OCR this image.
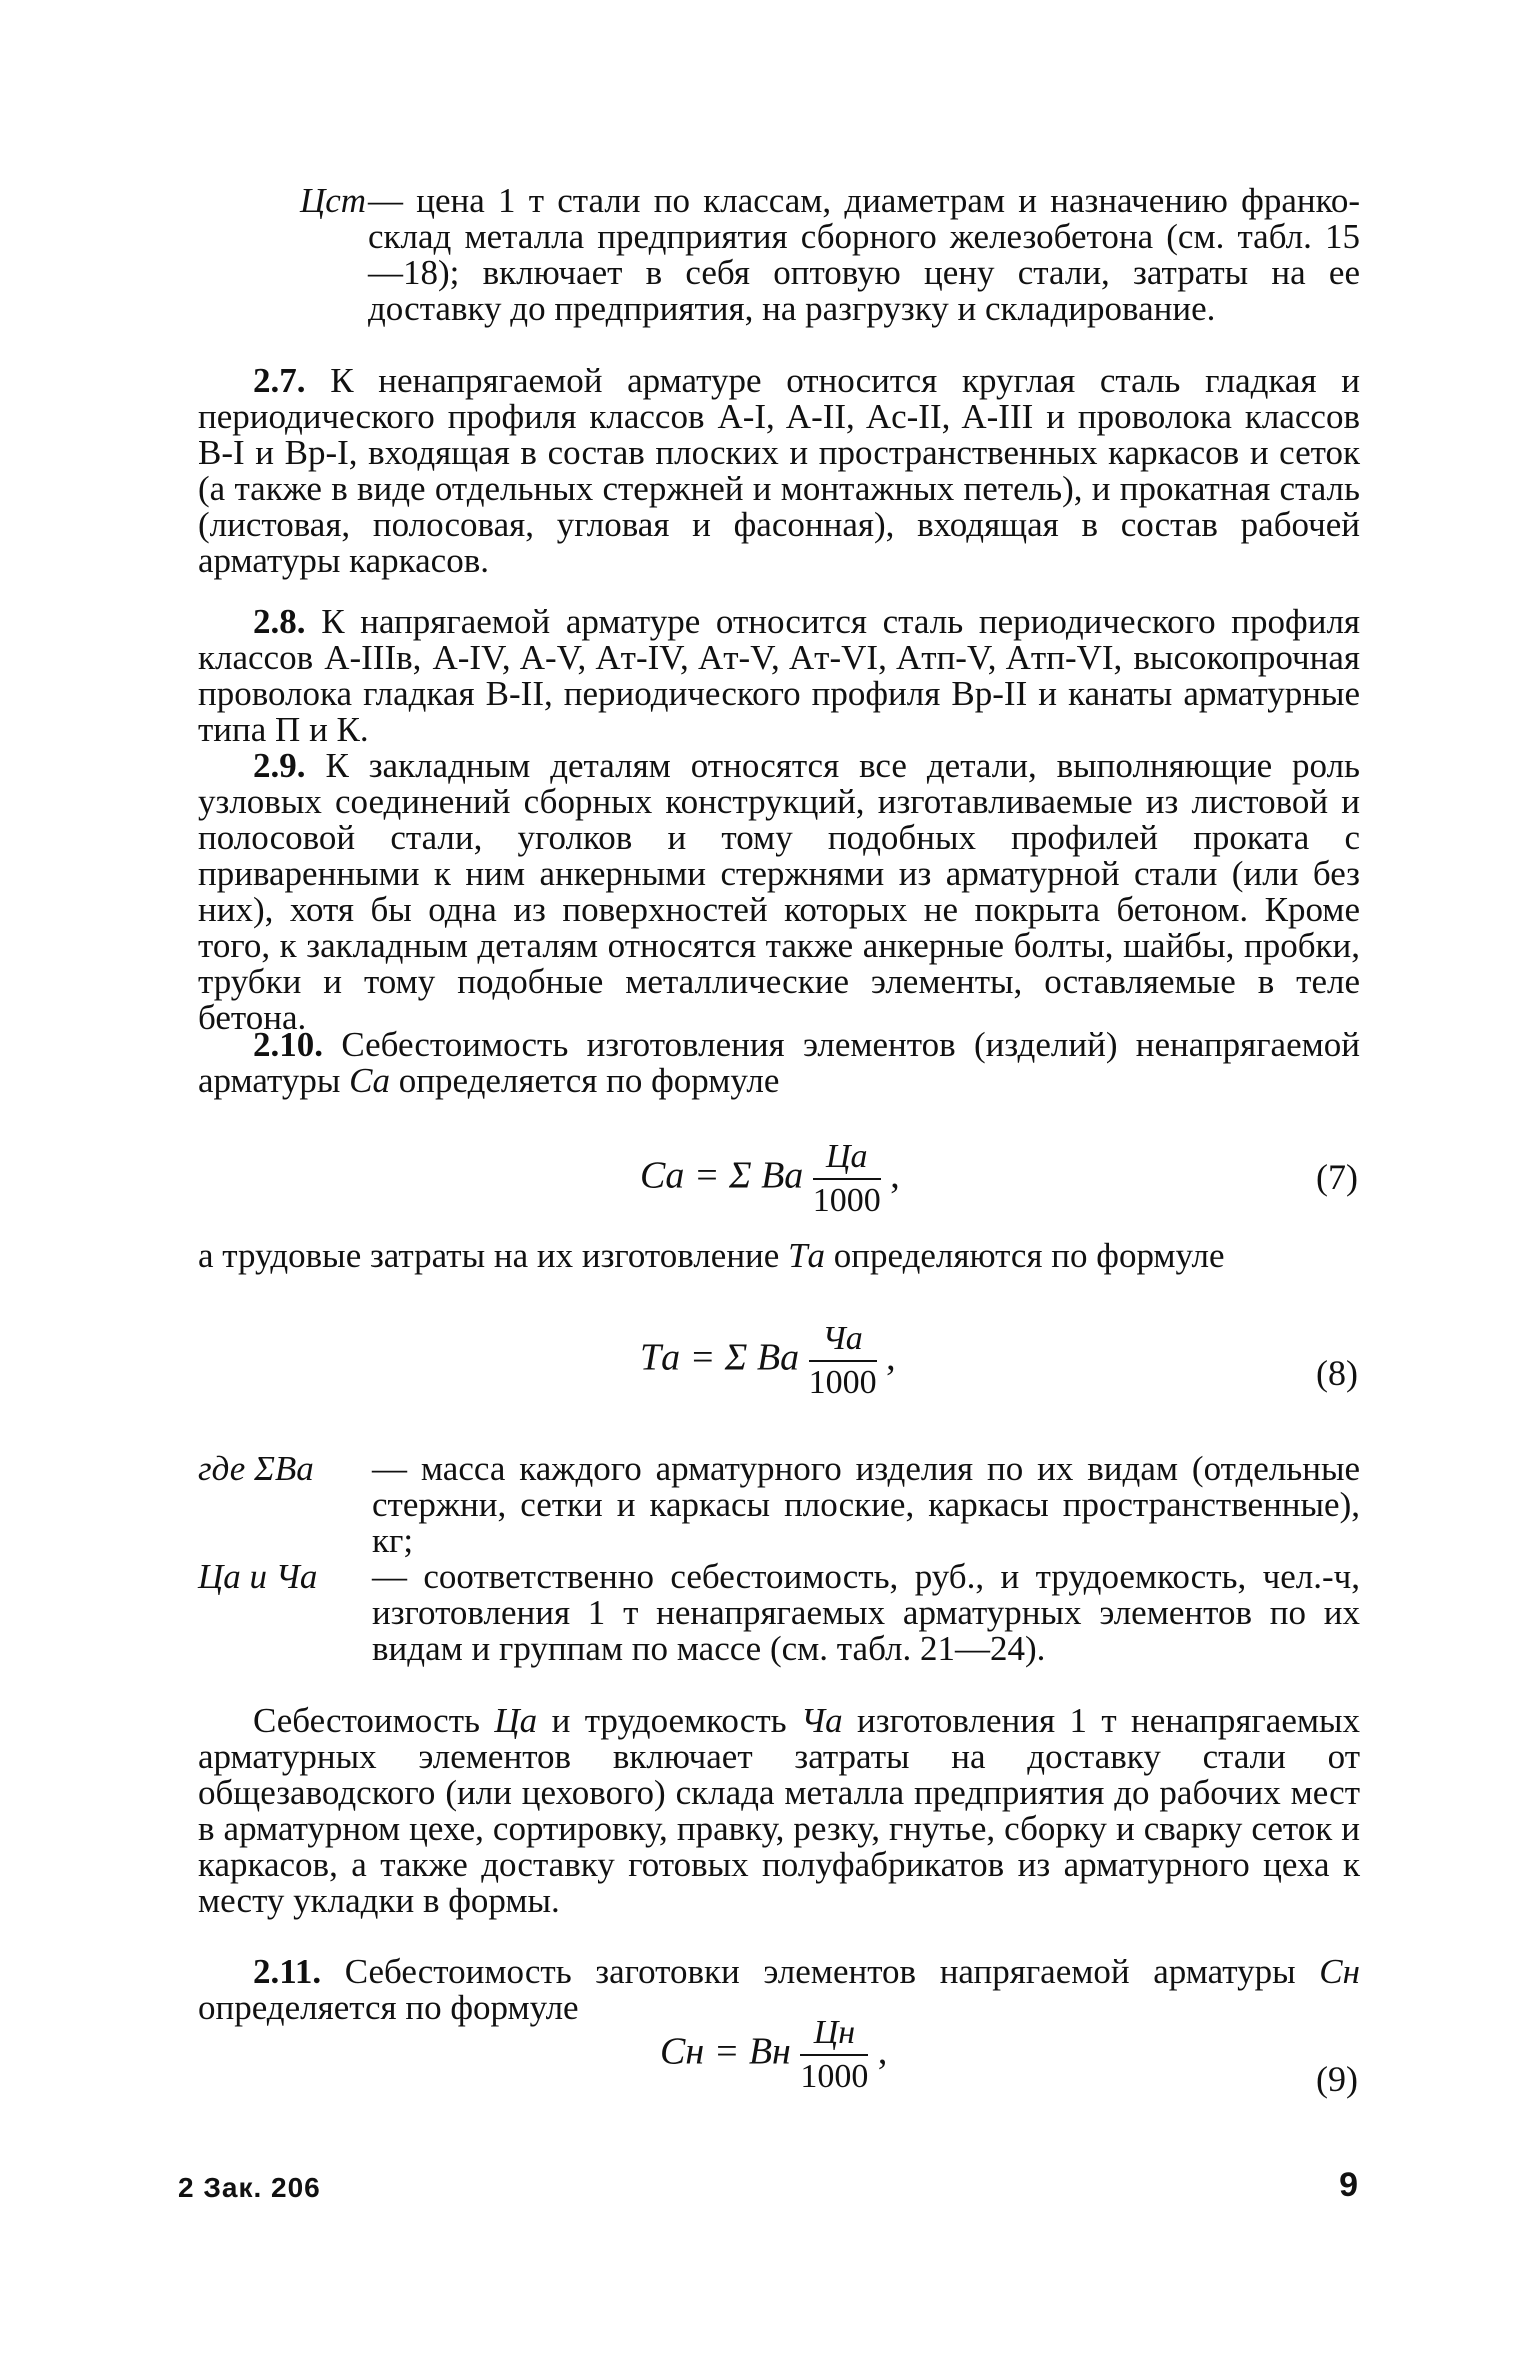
Цст — цена 1 т стали по классам, диаметрам и назначению франко-склад металла предприятия сборного железобетона (см. табл. 15—18); включает в себя оптовую цену стали, затраты на ее доставку до предприятия, на разгрузку и складирование.

2.7. К ненапрягаемой арматуре относится круглая сталь гладкая и периодического профиля классов A-I, A-II, Ac-II, A-III и проволока классов B-I и Bp-I, входящая в состав плоских и пространственных каркасов и сеток (а также в виде отдельных стержней и монтажных петель), и прокатная сталь (листовая, полосовая, угловая и фасонная), входящая в состав рабочей арматуры каркасов.

2.8. К напрягаемой арматуре относится сталь периодического профиля классов A-IIIв, A-IV, A-V, Aт-IV, Aт-V, Aт-VI, Aтп-V, Aтп-VI, высокопрочная проволока гладкая B-II, периодического профиля Bp-II и канаты арматурные типа П и К.

2.9. К закладным деталям относятся все детали, выполняющие роль узловых соединений сборных конструкций, изготавливаемые из листовой и полосовой стали, уголков и тому подобных профилей проката с приваренными к ним анкерными стержнями из арматурной стали (или без них), хотя бы одна из поверхностей которых не покрыта бетоном. Кроме того, к закладным деталям относятся также анкерные болты, шайбы, пробки, трубки и тому подобные металлические элементы, оставляемые в теле бетона.

2.10. Себестоимость изготовления элементов (изделий) ненапрягаемой арматуры Cа определяется по формуле

Cа = Σ Bа $\frac{Цa}{1000}$ ,	(7)

а трудовые затраты на их изготовление Tа определяются по формуле

Tа = Σ Bа $\frac{Ча}{1000}$ ,	(8)
где ΣBа — масса каждого арматурного изделия по их видам (отдельные стержни, сетки и каркасы плоские, каркасы пространственные), кг;

Цa и Чa — соответственно себестоимость, руб., и трудоемкость, чел.-ч, изготовления 1 т ненапрягаемых арматурных элементов по их видам и группам по массе (см. табл. 21—24).

Себестоимость Цa и трудоемкость Ча изготовления 1 т ненапрягаемых арматурных элементов включает затраты на доставку стали от общезаводского (или цехового) склада металла предприятия до рабочих мест в арматурном цехе, сортировку, правку, резку, гнутье, сборку и сварку сеток и каркасов, а также доставку готовых полуфабрикатов из арматурного цеха к месту укладки в формы.

2.11. Себестоимость заготовки элементов напрягаемой арматуры Cн определяется по формуле

Cн = Bн $\frac{Цн}{1000}$ ,
(9)
2 Зак. 206	9
